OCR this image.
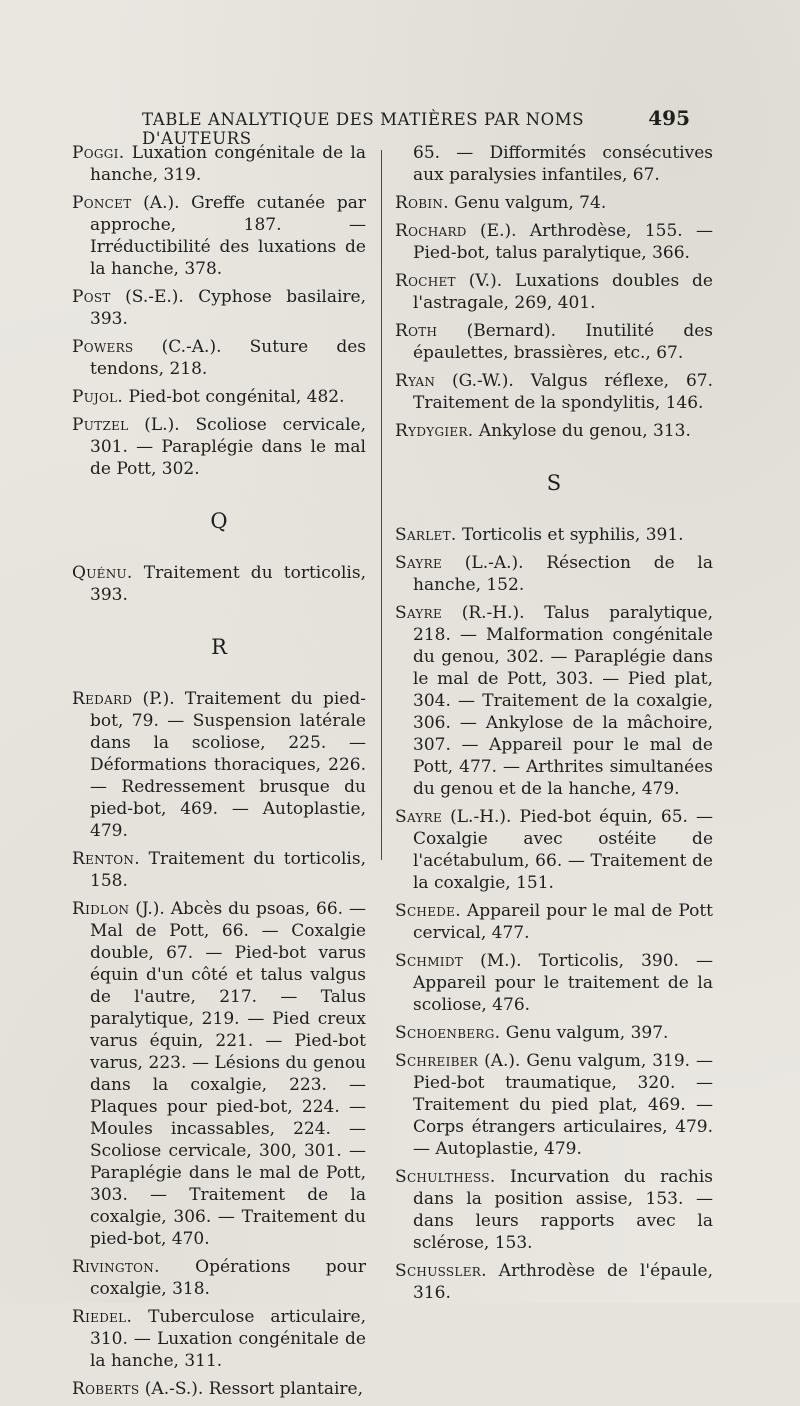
TABLE ANALYTIQUE DES MATIÈRES PAR NOMS D'AUTEURS
495

Poggi. Luxation congénitale de la hanche, 319.

Poncet (A.). Greffe cutanée par approche, 187. — Irréductibilité des luxations de la hanche, 378.

Post (S.-E.). Cyphose basilaire, 393.

Powers (C.-A.). Suture des tendons, 218.

Pujol. Pied-bot congénital, 482.

Putzel (L.). Scoliose cervicale, 301. — Paraplégie dans le mal de Pott, 302.

Q

Quénu. Traitement du torticolis, 393.

R

Redard (P.). Traitement du pied-bot, 79. — Suspension latérale dans la scoliose, 225. — Déformations thoraciques, 226. — Redressement brusque du pied-bot, 469. — Autoplastie, 479.

Renton. Traitement du torticolis, 158.

Ridlon (J.). Abcès du psoas, 66. — Mal de Pott, 66. — Coxalgie double, 67. — Pied-bot varus équin d'un côté et talus valgus de l'autre, 217. — Talus paralytique, 219. — Pied creux varus équin, 221. — Pied-bot varus, 223. — Lésions du genou dans la coxalgie, 223. — Plaques pour pied-bot, 224. — Moules incassables, 224. — Scoliose cervicale, 300, 301. — Paraplégie dans le mal de Pott, 303. — Traitement de la coxalgie, 306. — Traitement du pied-bot, 470.

Rivington. Opérations pour coxalgie, 318.

Riedel. Tuberculose articulaire, 310. — Luxation congénitale de la hanche, 311.

Roberts (A.-S.). Ressort plantaire,

65. — Difformités consécutives aux paralysies infantiles, 67.

Robin. Genu valgum, 74.

Rochard (E.). Arthrodèse, 155. — Pied-bot, talus paralytique, 366.

Rochet (V.). Luxations doubles de l'astragale, 269, 401.

Roth (Bernard). Inutilité des épaulettes, brassières, etc., 67.

Ryan (G.-W.). Valgus réflexe, 67. Traitement de la spondylitis, 146.

Rydygier. Ankylose du genou, 313.

S

Sarlet. Torticolis et syphilis, 391.

Sayre (L.-A.). Résection de la hanche, 152.

Sayre (R.-H.). Talus paralytique, 218. — Malformation congénitale du genou, 302. — Paraplégie dans le mal de Pott, 303. — Pied plat, 304. — Traitement de la coxalgie, 306. — Ankylose de la mâchoire, 307. — Appareil pour le mal de Pott, 477. — Arthrites simultanées du genou et de la hanche, 479.

Sayre (L.-H.). Pied-bot équin, 65. — Coxalgie avec ostéite de l'acétabulum, 66. — Traitement de la coxalgie, 151.

Schede. Appareil pour le mal de Pott cervical, 477.

Schmidt (M.). Torticolis, 390. — Appareil pour le traitement de la scoliose, 476.

Schoenberg. Genu valgum, 397.

Schreiber (A.). Genu valgum, 319. — Pied-bot traumatique, 320. — Traitement du pied plat, 469. — Corps étrangers articulaires, 479. — Autoplastie, 479.

Schulthess. Incurvation du rachis dans la position assise, 153. — dans leurs rapports avec la sclérose, 153.

Schussler. Arthrodèse de l'épaule, 316.
